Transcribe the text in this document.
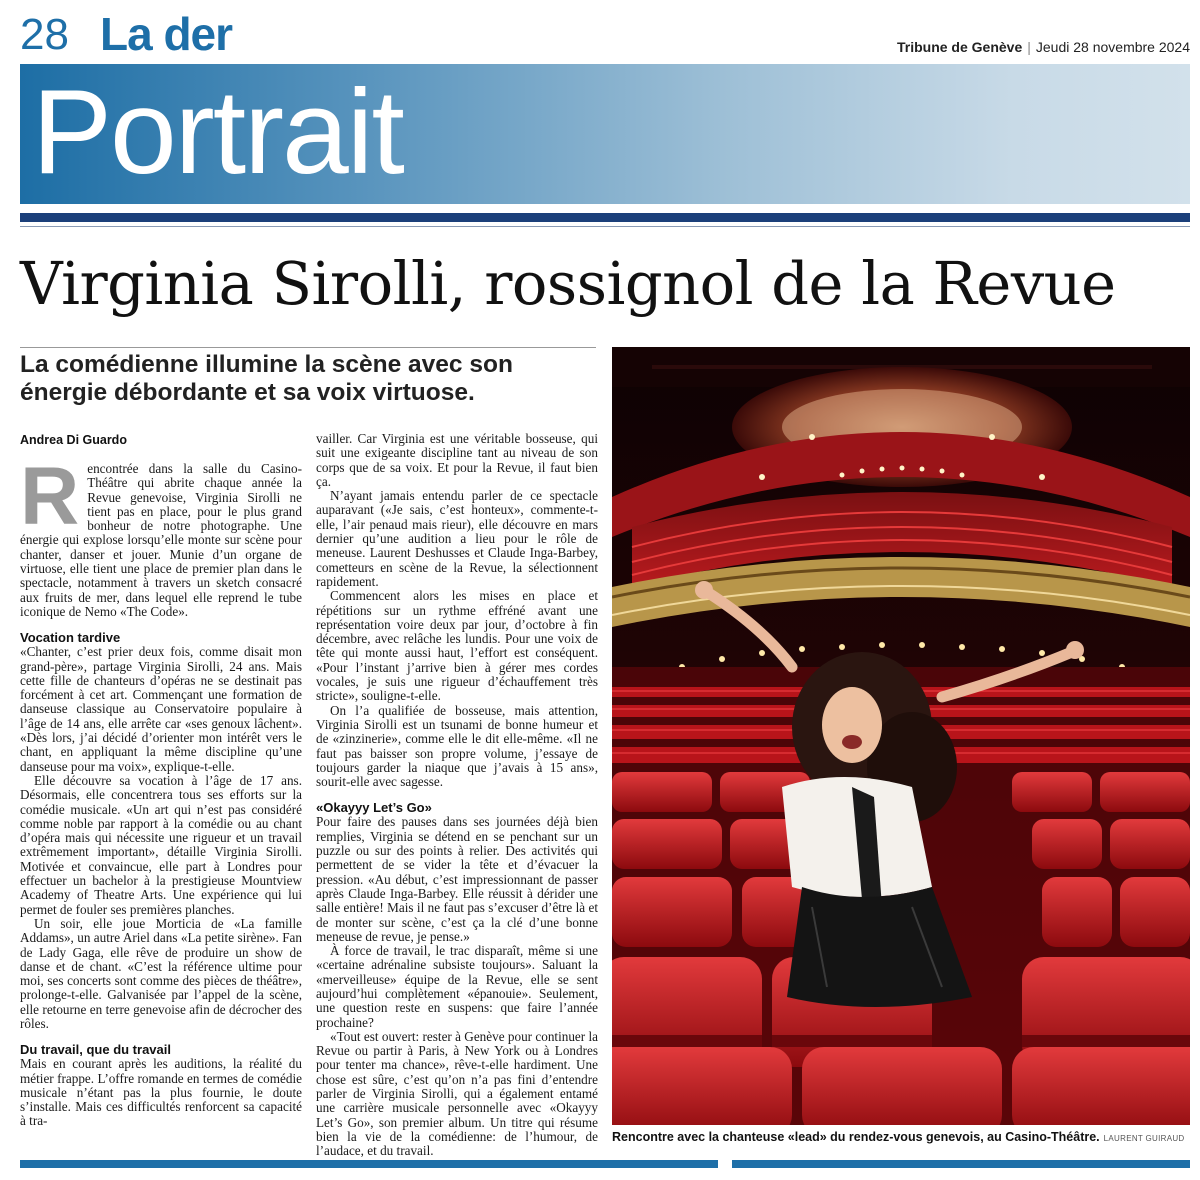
28 La der	Tribune de Genève | Jeudi 28 novembre 2024
Portrait
Virginia Sirolli, rossignol de la Revue
La comédienne illumine la scène avec son énergie débordante et sa voix virtuose.
Andrea Di Guardo

Rencontrée dans la salle du Casino-Théâtre qui abrite chaque année la Revue genevoise, Virginia Sirolli ne tient pas en place, pour le plus grand bonheur de notre photographe. Une énergie qui explose lorsqu’elle monte sur scène pour chanter, danser et jouer. Munie d’un organe de virtuose, elle tient une place de premier plan dans le spectacle, notamment à travers un sketch consacré aux fruits de mer, dans lequel elle reprend le tube iconique de Nemo «The Code».

Vocation tardive

«Chanter, c’est prier deux fois, comme disait mon grand-père», partage Virginia Sirolli, 24 ans. Mais cette fille de chanteurs d’opéras ne se destinait pas forcément à cet art. Commençant une formation de danseuse classique au Conservatoire populaire à l’âge de 14 ans, elle arrête car «ses genoux lâchent». «Dès lors, j’ai décidé d’orienter mon intérêt vers le chant, en appliquant la même discipline qu’une danseuse pour ma voix», explique-t-elle.

Elle découvre sa vocation à l’âge de 17 ans. Désormais, elle concentrera tous ses efforts sur la comédie musicale. «Un art qui n’est pas considéré comme noble par rapport à la comédie ou au chant d’opéra mais qui nécessite une rigueur et un travail extrêmement important», détaille Virginia Sirolli. Motivée et convaincue, elle part à Londres pour effectuer un bachelor à la prestigieuse Mountview Academy of Theatre Arts. Une expérience qui lui permet de fouler ses premières planches.

Un soir, elle joue Morticia de «La famille Addams», un autre Ariel dans «La petite sirène». Fan de Lady Gaga, elle rêve de produire un show de danse et de chant. «C’est la référence ultime pour moi, ses concerts sont comme des pièces de théâtre», prolonge-t-elle. Galvanisée par l’appel de la scène, elle retourne en terre genevoise afin de décrocher des rôles.

Du travail, que du travail

Mais en courant après les auditions, la réalité du métier frappe. L’offre romande en termes de comédie musicale n’étant pas la plus fournie, le doute s’installe. Mais ces difficultés renforcent sa capacité à tra-

vailler. Car Virginia est une véritable bosseuse, qui suit une exigeante discipline tant au niveau de son corps que de sa voix. Et pour la Revue, il faut bien ça.

N’ayant jamais entendu parler de ce spectacle auparavant («Je sais, c’est honteux», commente-t-elle, l’air penaud mais rieur), elle découvre en mars dernier qu’une audition a lieu pour le rôle de meneuse. Laurent Deshusses et Claude Inga-Barbey, cometteurs en scène de la Revue, la sélectionnent rapidement.

Commencent alors les mises en place et répétitions sur un rythme effréné avant une représentation voire deux par jour, d’octobre à fin décembre, avec relâche les lundis. Pour une voix de tête qui monte aussi haut, l’effort est conséquent. «Pour l’instant j’arrive bien à gérer mes cordes vocales, je suis une rigueur d’échauffement très stricte», souligne-t-elle.

On l’a qualifiée de bosseuse, mais attention, Virginia Sirolli est un tsunami de bonne humeur et de «zinzinerie», comme elle le dit elle-même. «Il ne faut pas baisser son propre volume, j’essaye de toujours garder la niaque que j’avais à 15 ans», sourit-elle avec sagesse.

«Okayyy Let’s Go»

Pour faire des pauses dans ses journées déjà bien remplies, Virginia se détend en se penchant sur un puzzle ou sur des points à relier. Des activités qui permettent de se vider la tête et d’évacuer la pression. «Au début, c’est impressionnant de passer après Claude Inga-Barbey. Elle réussit à dérider une salle entière! Mais il ne faut pas s’excuser d’être là et de monter sur scène, c’est ça la clé d’une bonne meneuse de revue, je pense.»

À force de travail, le trac disparaît, même si une «certaine adrénaline subsiste toujours». Saluant la «merveilleuse» équipe de la Revue, elle se sent aujourd’hui complètement «épanouie». Seulement, une question reste en suspens: que faire l’année prochaine?

«Tout est ouvert: rester à Genève pour continuer la Revue ou partir à Paris, à New York ou à Londres pour tenter ma chance», rêve-t-elle hardiment. Une chose est sûre, c’est qu’on n’a pas fini d’entendre parler de Virginia Sirolli, qui a également entamé une carrière musicale personnelle avec «Okayyy Let’s Go», son premier album. Un titre qui résume bien la vie de la comédienne: de l’humour, de l’audace, et du travail.

Rencontre avec la chanteuse «lead» du rendez-vous genevois, au Casino-Théâtre. LAURENT GUIRAUD
